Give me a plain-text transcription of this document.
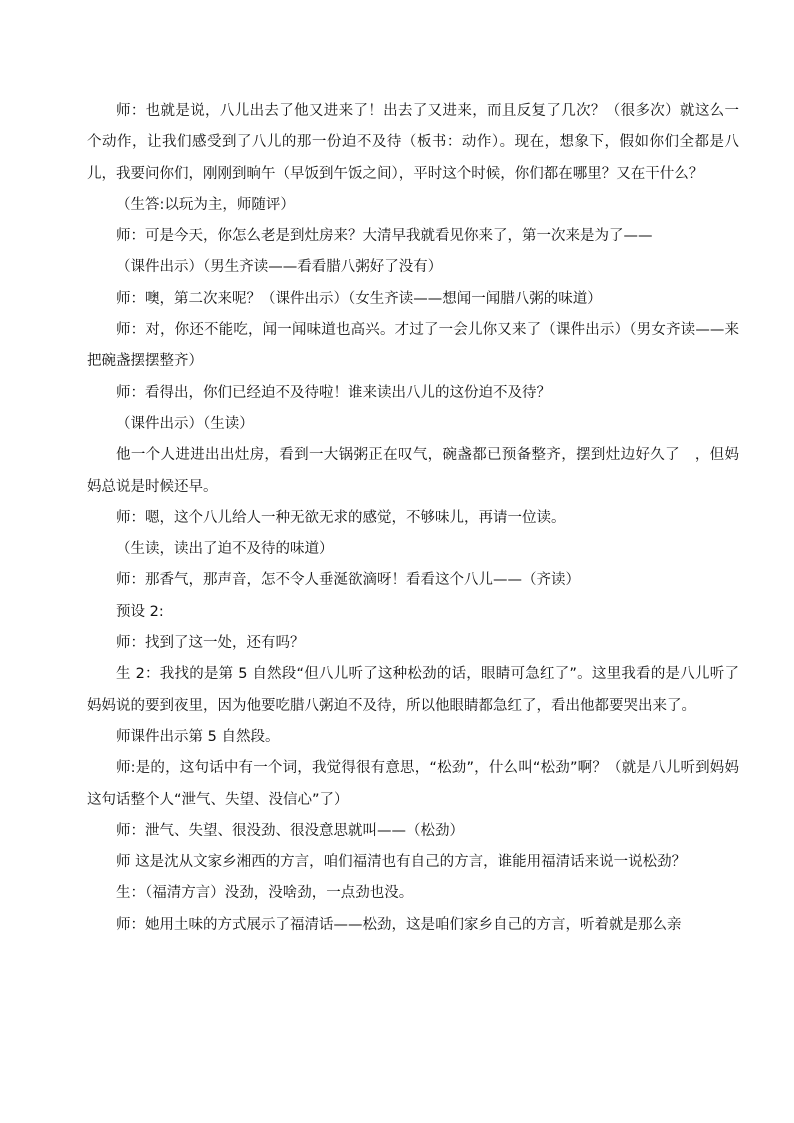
师：也就是说，八儿出去了他又进来了！出去了又进来，而且反复了几次？（很多次）就这么一个动作，让我们感受到了八儿的那一份迫不及待（板书：动作）。现在，想象下，假如你们全都是八儿，我要问你们，刚刚到晌午（早饭到午饭之间），平时这个时候，你们都在哪里？又在干什么？

（生答:以玩为主，师随评）

师：可是今天，你怎么老是到灶房来？大清早我就看见你来了，第一次来是为了——

（课件出示）（男生齐读——看看腊八粥好了没有）

师：噢，第二次来呢？（课件出示）（女生齐读——想闻一闻腊八粥的味道）

师：对，你还不能吃，闻一闻味道也高兴。才过了一会儿你又来了（课件出示）（男女齐读——来把碗盏摆摆整齐）

师：看得出，你们已经迫不及待啦！谁来读出八儿的这份迫不及待？

（课件出示）（生读）

他一个人进进出出灶房，看到一大锅粥正在叹气，碗盏都已预备整齐，摆到灶边好久了　，但妈妈总说是时候还早。

师：嗯，这个八儿给人一种无欲无求的感觉，不够味儿，再请一位读。

（生读，读出了迫不及待的味道）

师：那香气，那声音，怎不令人垂涎欲滴呀！看看这个八儿——（齐读）

预设 2:

师：找到了这一处，还有吗？

生 2：我找的是第 5 自然段“但八儿听了这种松劲的话，眼睛可急红了”。这里我看的是八儿听了妈妈说的要到夜里，因为他要吃腊八粥迫不及待，所以他眼睛都急红了，看出他都要哭出来了。

师课件出示第 5 自然段。

师:是的，这句话中有一个词，我觉得很有意思，“松劲”，什么叫“松劲”啊？（就是八儿听到妈妈这句话整个人“泄气、失望、没信心”了）

师：泄气、失望、很没劲、很没意思就叫——（松劲）

师 这是沈从文家乡湘西的方言，咱们福清也有自己的方言，谁能用福清话来说一说松劲？

生：（福清方言）没劲，没啥劲，一点劲也没。

师：她用土味的方式展示了福清话——松劲，这是咱们家乡自己的方言，听着就是那么亲
